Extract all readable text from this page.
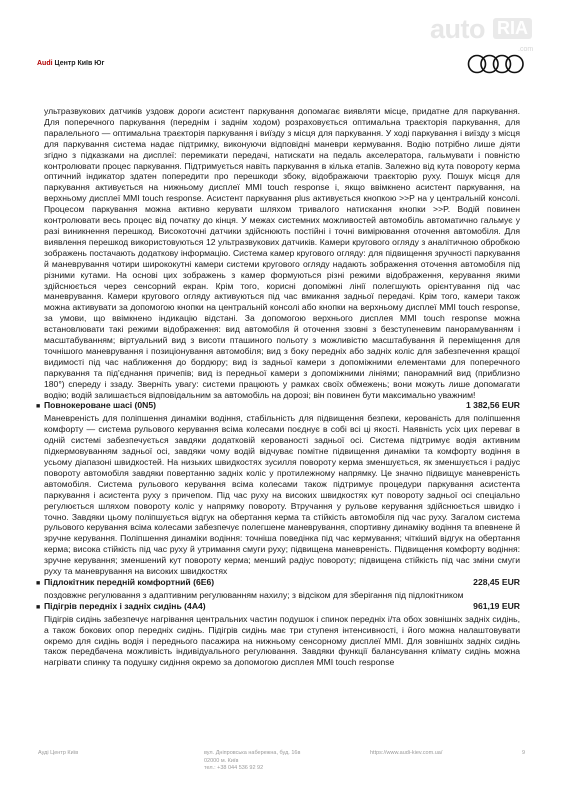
auto RIA
.com
Audi Центр Київ Юг

ультразвукових датчиків уздовж дороги асистент паркування допомагає виявляти місце, придатне для паркування. Для поперечного паркування (переднім і заднім ходом) розраховується оптимальна траєкторія паркування, для паралельного — оптимальна траєкторія паркування і виїзду з місця для паркування. У ході паркування і виїзду з місця для паркування система надає підтримку, виконуючи відповідні маневри кермування. Водію потрібно лише діяти згідно з підказками на дисплеї: перемикати передачі, натискати на педаль акселератора, гальмувати і повністю контролювати процес паркування. Підтримується навіть паркування в кілька етапів. Залежно від кута повороту керма оптичний індикатор здатен попередити про перешкоди збоку, відображаючи траєкторію руху. Пошук місця для паркування активується на нижньому дисплеї MMI touch response і, якщо ввімкнено асистент паркування, на верхньому дисплеї MMI touch response. Асистент паркування plus активується кнопкою >>P на у центральній консолі. Процесом паркування можна активно керувати шляхом тривалого натискання кнопки >>P. Водій повинен контролювати весь процес від початку до кінця. У межах системних можливостей автомобіль автоматично гальмує у разі виникнення перешкод. Високоточні датчики здійснюють постійні і точні вимірювання оточення автомобіля. Для виявлення перешкод використовуються 12 ультразвукових датчиків. Камери кругового огляду з аналітичною обробкою зображень постачають додаткову інформацію. Система камер кругового огляду: для підвищення зручності паркування й маневрування чотири ширококутні камери системи кругового огляду надають зображення оточення автомобіля під різними кутами. На основі цих зображень з камер формуються різні режими відображення, керування якими здійснюється через сенсорний екран. Крім того, корисні допоміжні лінії полегшують орієнтування під час маневрування. Камери кругового огляду активуються під час вмикання задньої передачі. Крім того, камери також можна активувати за допомогою кнопки на центральній консолі або кнопки на верхньому дисплеї MMI touch response, за умови, що ввімкнено індикацію відстані. За допомогою верхнього дисплея MMI touch response можна встановлювати такі режими відображення: вид автомобіля й оточення ззовні з безступеневим панорамуванням і масштабуванням; віртуальний вид з висоти пташиного польоту з можливістю масштабування й переміщення для точнішого маневрування і позиціонування автомобіля; вид з боку передніх або задніх коліс для забезпечення кращої видимості під час наближення до бордюру; вид із задньої камери з допоміжними елементами для поперечного паркування та під'єднання причепів; вид із передньої камери з допоміжними лініями; панорамний вид (приблизно 180°) спереду і ззаду. Зверніть увагу: системи працюють у рамках своїх обмежень; вони можуть лише допомагати водію; водій залишається відповідальним за автомобіль на дорозі; він повинен бути максимально уважним!

■ Повнокероване шасі (0N5)	1 382,56 EUR

Маневреність для поліпшення динаміки водіння, стабільність для підвищення безпеки, керованість для поліпшення комфорту — система рульового керування всіма колесами поєднує в собі всі ці якості. Наявність усіх цих переваг в одній системі забезпечується завдяки додатковій керованості задньої осі. Система підтримує водія активним підкермовуванням задньої осі, завдяки чому водій відчуває помітне підвищення динаміки та комфорту водіння в усьому діапазоні швидкостей. На низьких швидкостях зусилля повороту керма зменшується, як зменшується і радіус повороту автомобіля завдяки повертанню задніх коліс у протилежному напрямку. Це значно підвищує маневреність автомобіля. Система рульового керування всіма колесами також підтримує процедури паркування асистента паркування і асистента руху з причепом. Під час руху на високих швидкостях кут повороту задньої осі спеціально регулюється шляхом повороту коліс у напрямку повороту. Втручання у рульове керування здійснюється швидко і точно. Завдяки цьому поліпшується відгук на обертання керма та стійкість автомобіля під час руху. Загалом система рульового керування всіма колесами забезпечує полегшене маневрування, спортивну динаміку водіння та впевнене й зручне керування. Поліпшення динаміки водіння: точніша поведінка під час кермування; чіткіший відгук на обертання керма; висока стійкість під час руху й утримання смуги руху; підвищена маневреність. Підвищення комфорту водіння: зручне керування; зменшений кут повороту керма; менший радіус повороту; підвищена стійкість під час зміни смуги руху та маневрування на високих швидкостях

■ Підлокітник передній комфортний (6E6)	228,45 EUR

поздовжнє регулювання з адаптивним регулюванням нахилу; з відсіком для зберігання під підлокітником

■ Підігрів передніх і задніх сидінь (4A4)	961,19 EUR

Підігрів сидінь забезпечує нагрівання центральних частин подушок і спинок передніх і/та обох зовнішніх задніх сидінь, а також бокових опор передніх сидінь. Підігрів сидінь має три ступеня інтенсивності, і його можна налаштовувати окремо для сидінь водія і переднього пасажира на нижньому сенсорному дисплеї MMI. Для зовнішніх задніх сидінь також передбачена можливість індивідуального регулювання. Завдяки функції балансування клімату сидінь можна нагрівати спинку та подушку сидіння окремо за допомогою дисплея MMI touch response

Ауді Центр Київ	вул. Дніпровська набережна, буд. 16в
02000 м. Київ
тел.: +38 044 536 92 92
https://www.audi-kiev.com.ua/	9
